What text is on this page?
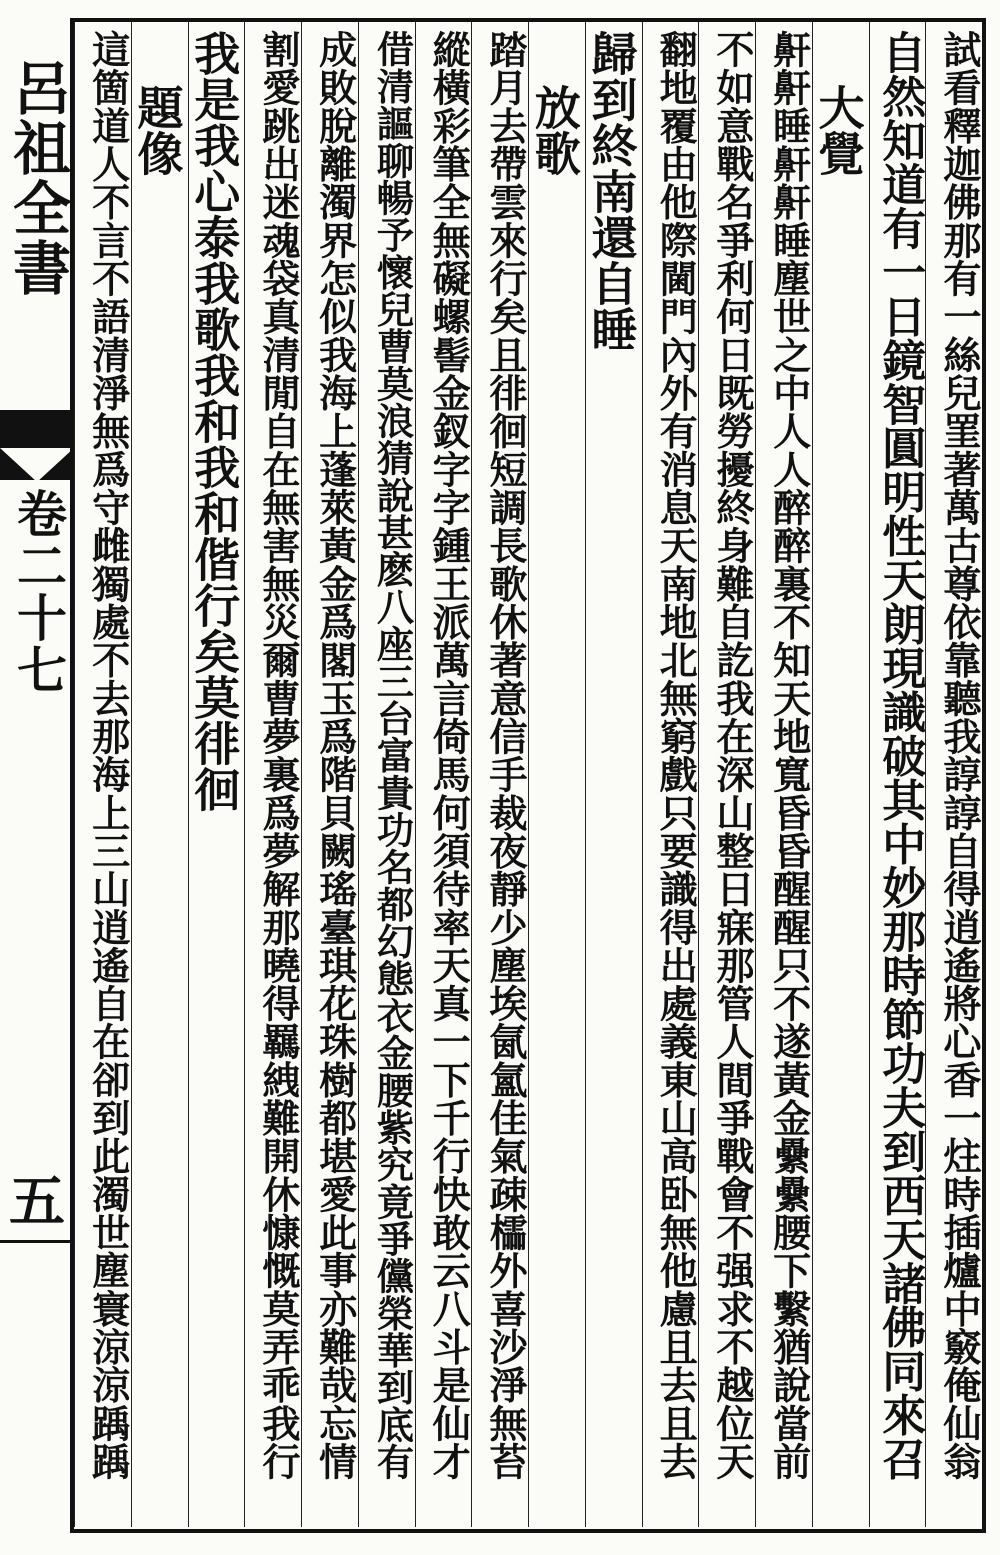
呂祖全書
卷二十七
五	試看釋迦佛那有一絲兒罣著萬古尊依靠聽我諄諄自得逍遙將心香一炷時插爐中竅俺仙翁
自然知道有一日鏡智圓明性天朗現識破其中妙那時節功夫到西天諸佛同來召
大覺
鼾鼾睡鼾鼾睡塵世之中人人醉醉裏不知天地寬昏昏醒醒只不遂黃金纍纍腰下繫猶說當前
不如意戰名爭利何日既勞擾終身難自訖我在深山整日寐那管人間爭戰會不强求不越位天
翻地覆由他際閫門內外有消息天南地北無窮戲只要識得出處義東山高卧無他慮且去且去
歸到終南還自睡
放歌
踏月去帶雲來行矣且徘徊短調長歌休著意信手裁夜靜少塵埃氤氳佳氣疎櫺外喜沙淨無苔
縱橫彩筆全無礙螺髻金釵字字鍾王派萬言倚馬何須待率天真一下千行快敢云八斗是仙才
借清謳聊暢予懷兒曹莫浪猜說甚麽八座三台富貴功名都幻態衣金腰紫究竟爭儻榮華到底有
成敗脫離濁界怎似我海上蓬萊黃金爲閣玉爲階貝闕瑤臺琪花珠樹都堪愛此事亦難哉忘情
割愛跳出迷魂袋真清閒自在無害無災爾曹夢裏爲夢解那曉得羈絏難開休慷慨莫弄乖我行
我是我心泰我歌我和我和偕行矣莫徘徊
題像
這箇道人不言不語清淨無爲守雌獨處不去那海上三山逍遙自在卻到此濁世塵寰涼涼踽踽
